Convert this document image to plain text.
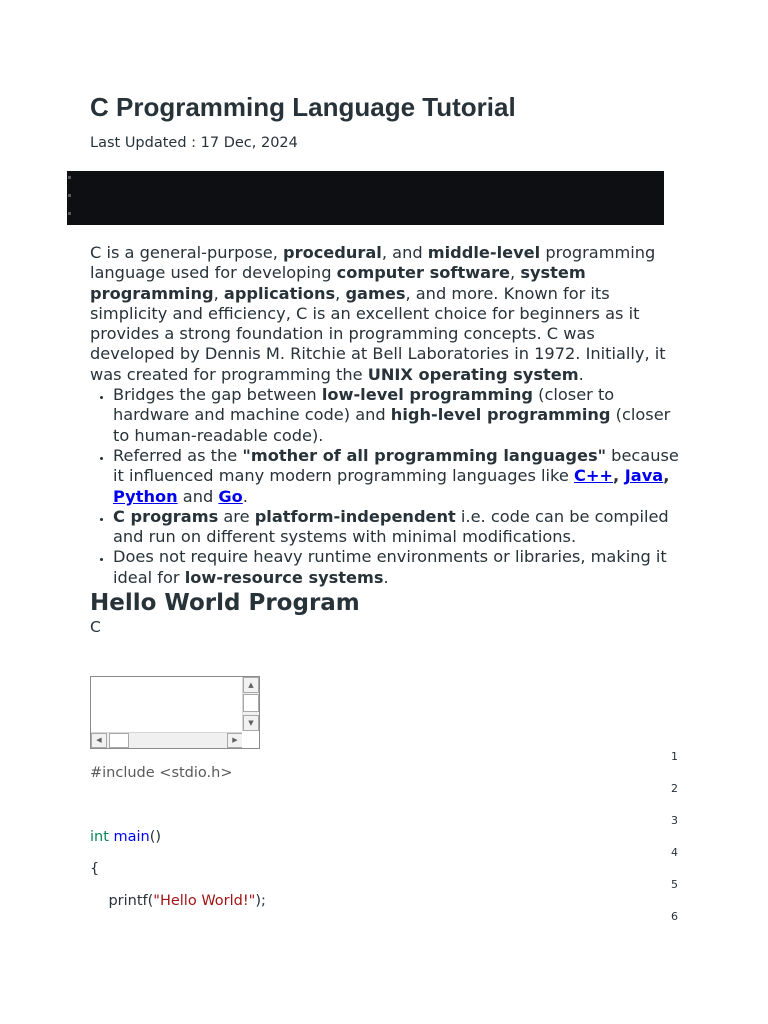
C Programming Language Tutorial
Last Updated : 17 Dec, 2024

C is a general-purpose, procedural, and middle-level programming language used for developing computer software, system programming, applications, games, and more. Known for its simplicity and efficiency, C is an excellent choice for beginners as it provides a strong foundation in programming concepts. C was developed by Dennis M. Ritchie at Bell Laboratories in 1972. Initially, it was created for programming the UNIX operating system.

• Bridges the gap between low-level programming (closer to hardware and machine code) and high-level programming (closer to human-readable code).
• Referred as the "mother of all programming languages" because it influenced many modern programming languages like C++, Java, Python and Go.
• C programs are platform-independent i.e. code can be compiled and run on different systems with minimal modifications.
• Does not require heavy runtime environments or libraries, making it ideal for low-resource systems.
Hello World Program
C
▲
▼
◀	▶
#include <stdio.h>
int main()
{
printf("Hello World!");
1
2
3
4
5
6
